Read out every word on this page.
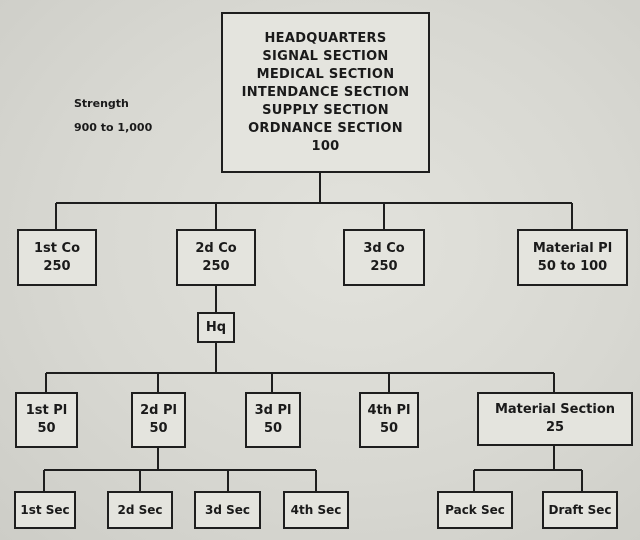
Strength
900 to 1,000
HEADQUARTERS
SIGNAL SECTION
MEDICAL SECTION
INTENDANCE SECTION
SUPPLY SECTION
ORDNANCE SECTION
100
1st Co
250
2d Co
250
3d Co
250
Material Pl
50 to 100
Hq
1st Pl
50
2d Pl
50
3d Pl
50
4th Pl
50
Material Section
25
1st Sec	2d Sec	3d Sec	4th Sec	Pack Sec	Draft Sec
